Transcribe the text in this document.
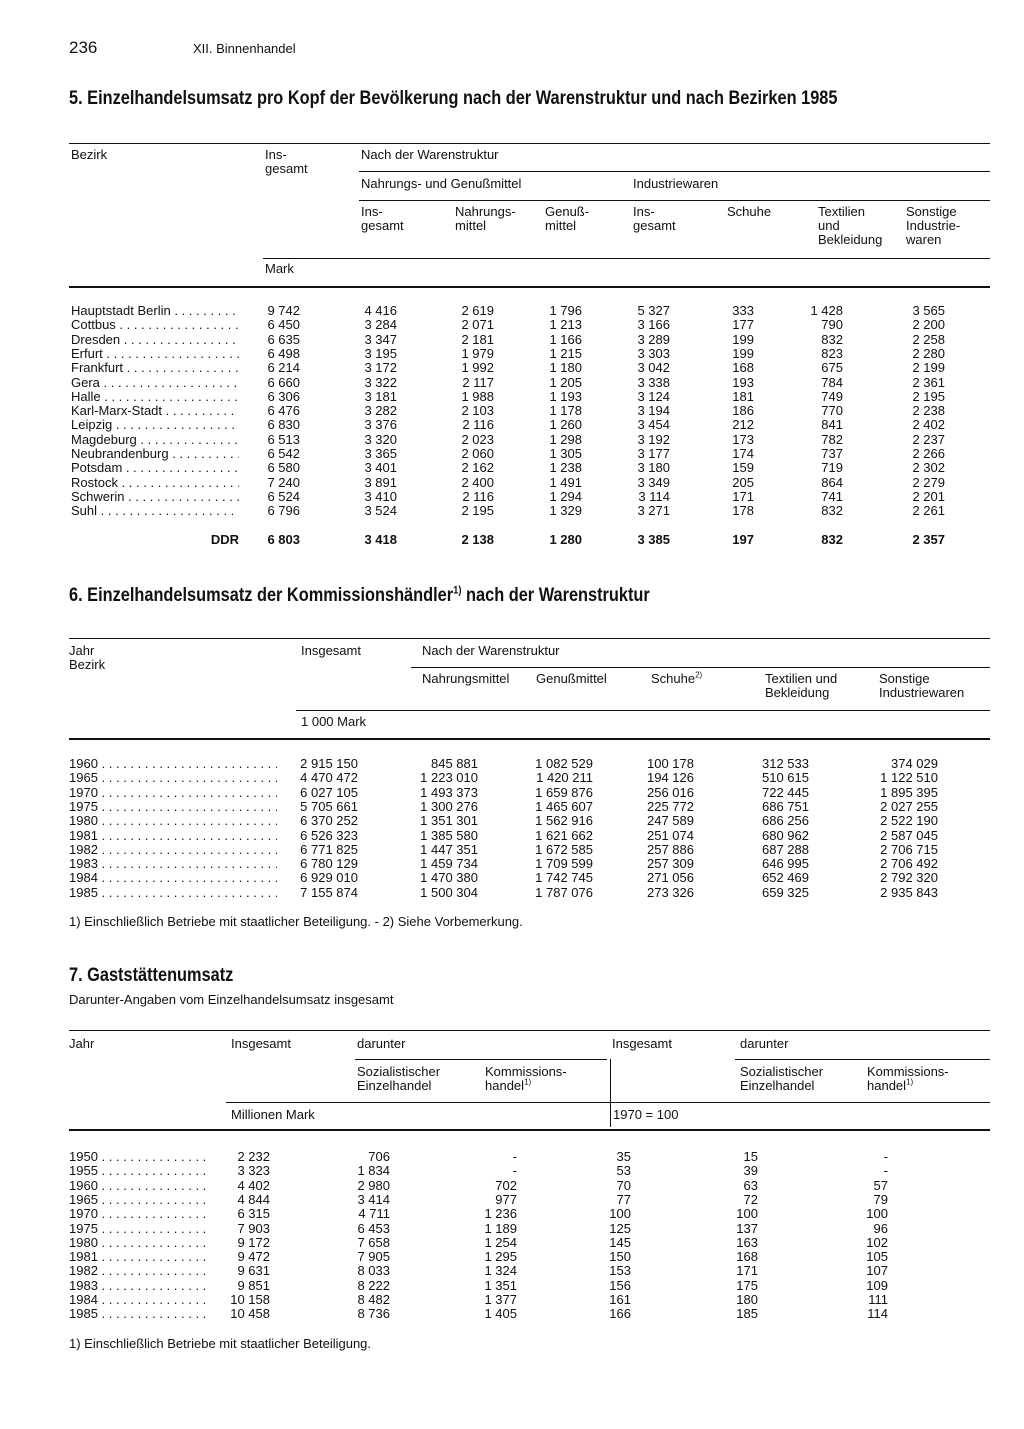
236	XII. Binnenhandel
5. Einzelhandelsumsatz pro Kopf der Bevölkerung nach der Warenstruktur und nach Bezirken 1985
Bezirk	Ins-
gesamt
Nach der Warenstruktur
Nahrungs- und Genußmittel	Industriewaren
Ins-
gesamt
Nahrungs-
mittel
Genuß-
mittel
Ins-
gesamt
Schuhe	Textilien
und
Bekleidung
Sonstige
Industrie-
waren
Mark
Hauptstadt Berlin . . .	9 742	4 416	2 619	1 796	5 327	333	1 428	3 565
Cottbus . . .	6 450	3 284	2 071	1 213	3 166	177	790	2 200
Dresden . . .	6 635	3 347	2 181	1 166	3 289	199	832	2 258
Erfurt . . .	6 498	3 195	1 979	1 215	3 303	199	823	2 280
Frankfurt . . .	6 214	3 172	1 992	1 180	3 042	168	675	2 199
Gera . . .	6 660	3 322	2 117	1 205	3 338	193	784	2 361
Halle . . .	6 306	3 181	1 988	1 193	3 124	181	749	2 195
Karl-Marx-Stadt . . .	6 476	3 282	2 103	1 178	3 194	186	770	2 238
Leipzig . . .	6 830	3 376	2 116	1 260	3 454	212	841	2 402
Magdeburg . . .	6 513	3 320	2 023	1 298	3 192	173	782	2 237
Neubrandenburg . . .	6 542	3 365	2 060	1 305	3 177	174	737	2 266
Potsdam . . .	6 580	3 401	2 162	1 238	3 180	159	719	2 302
Rostock . . .	7 240	3 891	2 400	1 491	3 349	205	864	2 279
Schwerin . . .	6 524	3 410	2 116	1 294	3 114	171	741	2 201
Suhl . . .	6 796	3 524	2 195	1 329	3 271	178	832	2 261
DDR	6 803	3 418	2 138	1 280	3 385	197	832	2 357
6. Einzelhandelsumsatz der Kommissionshändler$^{1)}$ nach der Warenstruktur
Jahr
Bezirk
Insgesamt	Nach der Warenstruktur
Nahrungsmittel Genußmittel	Schuhe$^{2)}$	Textilien und
Bekleidung
Sonstige
Industriewaren
1 000 Mark
1960 . . .	2 915 150	845 881	1 082 529	100 178	312 533	374 029
1965 . . .	4 470 472	1 223 010	1 420 211	194 126	510 615	1 122 510
1970 . . .	6 027 105	1 493 373	1 659 876	256 016	722 445	1 895 395
1975 . . .	5 705 661	1 300 276	1 465 607	225 772	686 751	2 027 255
1980 . . .	6 370 252	1 351 301	1 562 916	247 589	686 256	2 522 190
1981 . . .	6 526 323	1 385 580	1 621 662	251 074	680 962	2 587 045
1982 . . .	6 771 825	1 447 351	1 672 585	257 886	687 288	2 706 715
1983 . . .	6 780 129	1 459 734	1 709 599	257 309	646 995	2 706 492
1984 . . .	6 929 010	1 470 380	1 742 745	271 056	652 469	2 792 320
1985 . . .	7 155 874	1 500 304	1 787 076	273 326	659 325	2 935 843
1) Einschließlich Betriebe mit staatlicher Beteiligung. - 2) Siehe Vorbemerkung.
7. Gaststättenumsatz
Darunter-Angaben vom Einzelhandelsumsatz insgesamt
Jahr	Insgesamt	darunter	Insgesamt	darunter
Sozialistischer
Einzelhandel
Kommissions-
handel$^{1)}$
Sozialistischer
Einzelhandel
Kommissions-
handel$^{1)}$
Millionen Mark	1970 = 100
1950 . . .	2 232	706	-	35	15	-
1955 . . .	3 323	1 834	-	53	39	-
1960 . . .	4 402	2 980	702	70	63	57
1965 . . .	4 844	3 414	977	77	72	79
1970 . . .	6 315	4 711	1 236	100	100	100
1975 . . .	7 903	6 453	1 189	125	137	96
1980 . . .	9 172	7 658	1 254	145	163	102
1981 . . .	9 472	7 905	1 295	150	168	105
1982 . . .	9 631	8 033	1 324	153	171	107
1983 . . .	9 851	8 222	1 351	156	175	109
1984 . . .	10 158	8 482	1 377	161	180	111
1985 . . .	10 458	8 736	1 405	166	185	114
1) Einschließlich Betriebe mit staatlicher Beteiligung.
